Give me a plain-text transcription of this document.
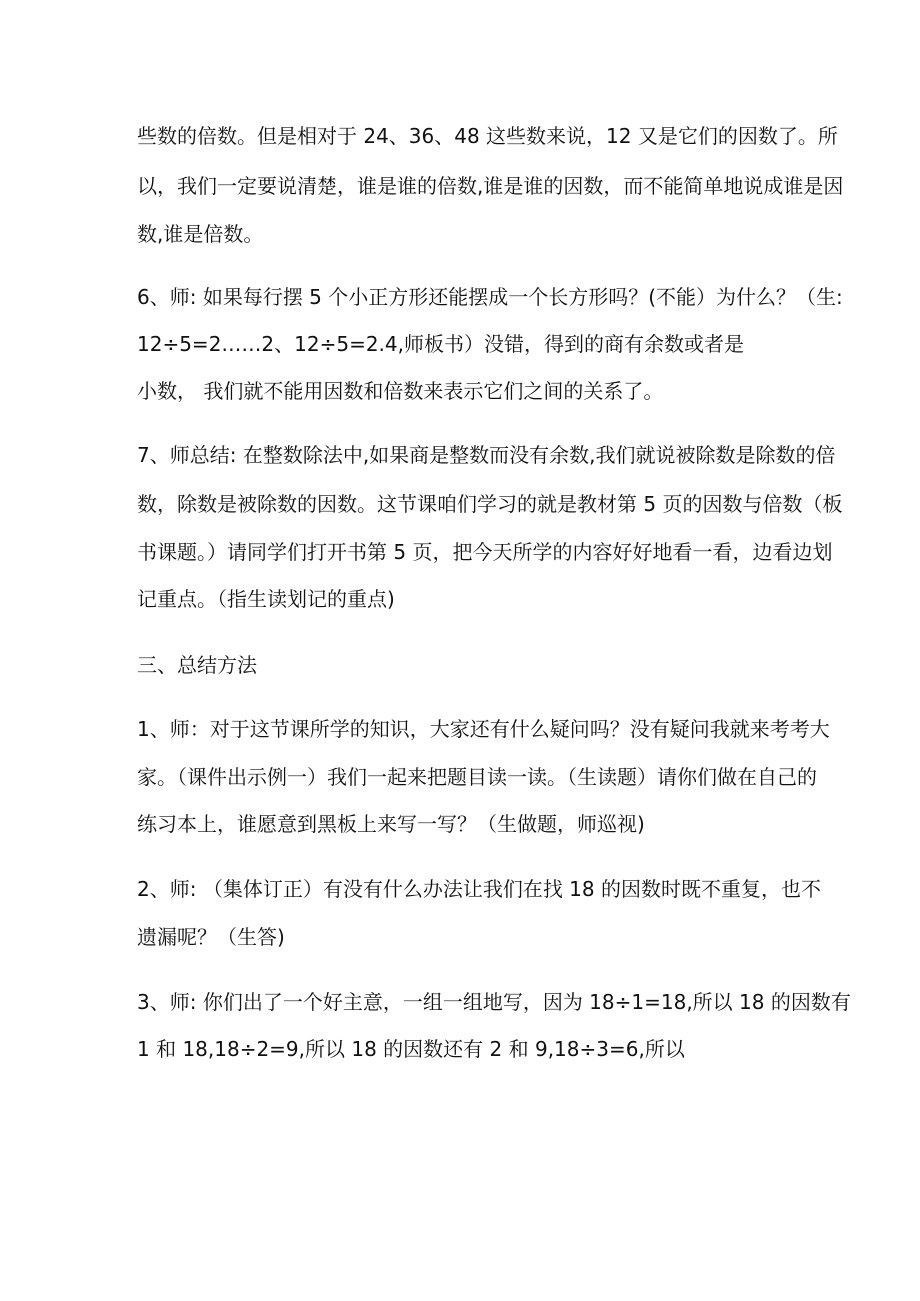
些数的倍数。但是相对于 24、36、48 这些数来说，12 又是它们的因数了。所

以，我们一定要说清楚，谁是谁的倍数,谁是谁的因数，而不能简单地说成谁是因

数,谁是倍数。

6、师: 如果每行摆 5 个小正方形还能摆成一个长方形吗？(不能）为什么？（生:

12÷5=2……2、12÷5=2.4,师板书）没错，得到的商有余数或者是

小数， 我们就不能用因数和倍数来表示它们之间的关系了。

7、师总结: 在整数除法中,如果商是整数而没有余数,我们就说被除数是除数的倍

数，除数是被除数的因数。这节课咱们学习的就是教材第 5 页的因数与倍数（板

书课题。）请同学们打开书第 5 页，把今天所学的内容好好地看一看，边看边划

记重点。（指生读划记的重点)

三、总结方法

1、师：对于这节课所学的知识，大家还有什么疑问吗？没有疑问我就来考考大

家。（课件出示例一）我们一起来把题目读一读。（生读题）请你们做在自己的

练习本上，谁愿意到黑板上来写一写？（生做题，师巡视)

2、师: （集体订正）有没有什么办法让我们在找 18 的因数时既不重复，也不

遗漏呢？（生答)

3、师: 你们出了一个好主意，一组一组地写，因为 18÷1=18,所以 18 的因数有

1 和 18,18÷2=9,所以 18 的因数还有 2 和 9,18÷3=6,所以
